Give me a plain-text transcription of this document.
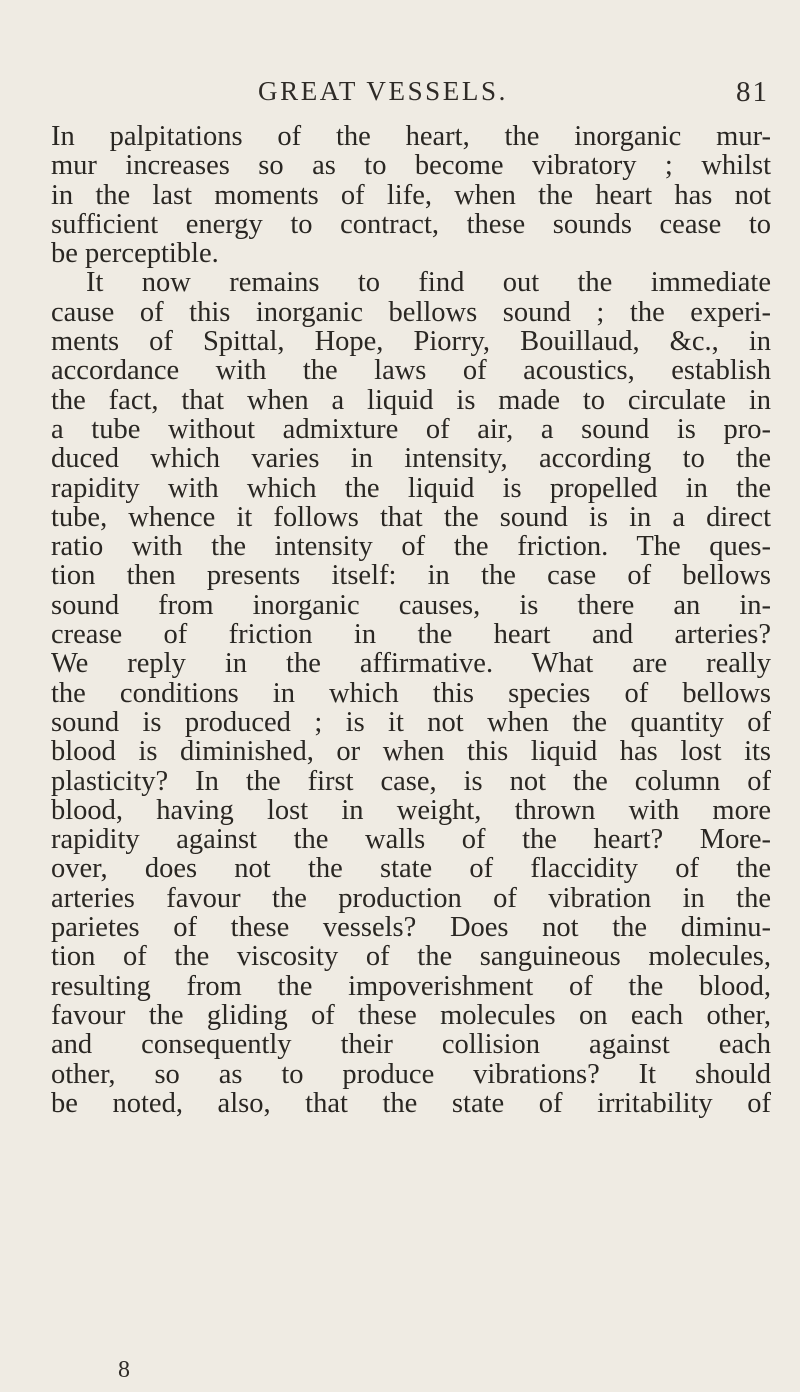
GREAT VESSELS.	81
In palpitations of the heart, the inorganic mur-
mur increases so as to become vibratory ; whilst
in the last moments of life, when the heart has not
sufficient energy to contract, these sounds cease to
be perceptible.
It now remains to find out the immediate
cause of this inorganic bellows sound ; the experi-
ments of Spittal, Hope, Piorry, Bouillaud, &c., in
accordance with the laws of acoustics, establish
the fact, that when a liquid is made to circulate in
a tube without admixture of air, a sound is pro-
duced which varies in intensity, according to the
rapidity with which the liquid is propelled in the
tube, whence it follows that the sound is in a direct
ratio with the intensity of the friction. The ques-
tion then presents itself: in the case of bellows
sound from inorganic causes, is there an in-
crease of friction in the heart and arteries?
We reply in the affirmative. What are really
the conditions in which this species of bellows
sound is produced ; is it not when the quantity of
blood is diminished, or when this liquid has lost its
plasticity? In the first case, is not the column of
blood, having lost in weight, thrown with more
rapidity against the walls of the heart? More-
over, does not the state of flaccidity of the
arteries favour the production of vibration in the
parietes of these vessels? Does not the diminu-
tion of the viscosity of the sanguineous molecules,
resulting from the impoverishment of the blood,
favour the gliding of these molecules on each other,
and consequently their collision against each
other, so as to produce vibrations? It should
be noted, also, that the state of irritability of
8
